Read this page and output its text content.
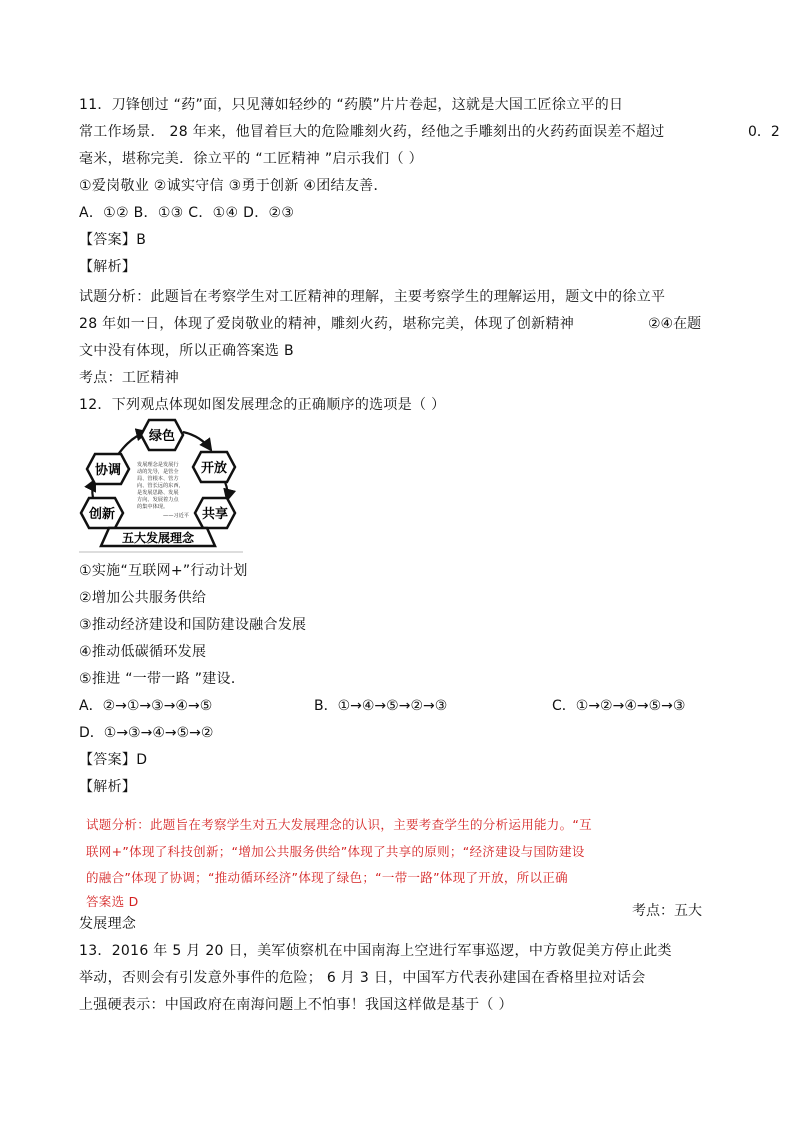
11．刀锋刨过 “药”面，只见薄如轻纱的 “药膜”片片卷起，这就是大国工匠徐立平的日
常工作场景． 28 年来，他冒着巨大的危险雕刻火药，经他之手雕刻出的火药药面误差不超过	0．2
毫米，堪称完美．徐立平的 “工匠精神 ”启示我们（ ）
①爱岗敬业 ②诚实守信 ③勇于创新 ④团结友善．
A．①② B．①③ C．①④ D．②③
【答案】B
【解析】
试题分析：此题旨在考察学生对工匠精神的理解，主要考察学生的理解运用，题文中的徐立平
28 年如一日，体现了爱岗敬业的精神，雕刻火药，堪称完美，体现了创新精神	②④在题
文中没有体现，所以正确答案选 B
考点：工匠精神
12．下列观点体现如图发展理念的正确顺序的选项是（ ）
绿色
开放
共享
创新
协调	发展理念是发展行
动的先导，是管全
局、管根本、管方
向、管长远的东西，
是发展思路、发展
方向、发展着力点
的集中体现。
——习近平
五大发展理念
①实施“互联网+”行动计划
②增加公共服务供给
③推动经济建设和国防建设融合发展
④推动低碳循环发展
⑤推进 “一带一路 ”建设．
A．②→①→③→④→⑤	B．①→④→⑤→②→③	C．①→②→④→⑤→③
D．①→③→④→⑤→②
【答案】D
【解析】
试题分析：此题旨在考察学生对五大发展理念的认识，主要考查学生的分析运用能力。“互
联网+”体现了科技创新；“增加公共服务供给”体现了共享的原则；“经济建设与国防建设
的融合”体现了协调；“推动循环经济”体现了绿色；“一带一路”体现了开放，所以正确
答案选 D
考点：五大
发展理念
13．2016 年 5 月 20 日，美军侦察机在中国南海上空进行军事巡逻，中方敦促美方停止此类
举动，否则会有引发意外事件的危险； 6 月 3 日，中国军方代表孙建国在香格里拉对话会
上强硬表示：中国政府在南海问题上不怕事！我国这样做是基于（ ）
